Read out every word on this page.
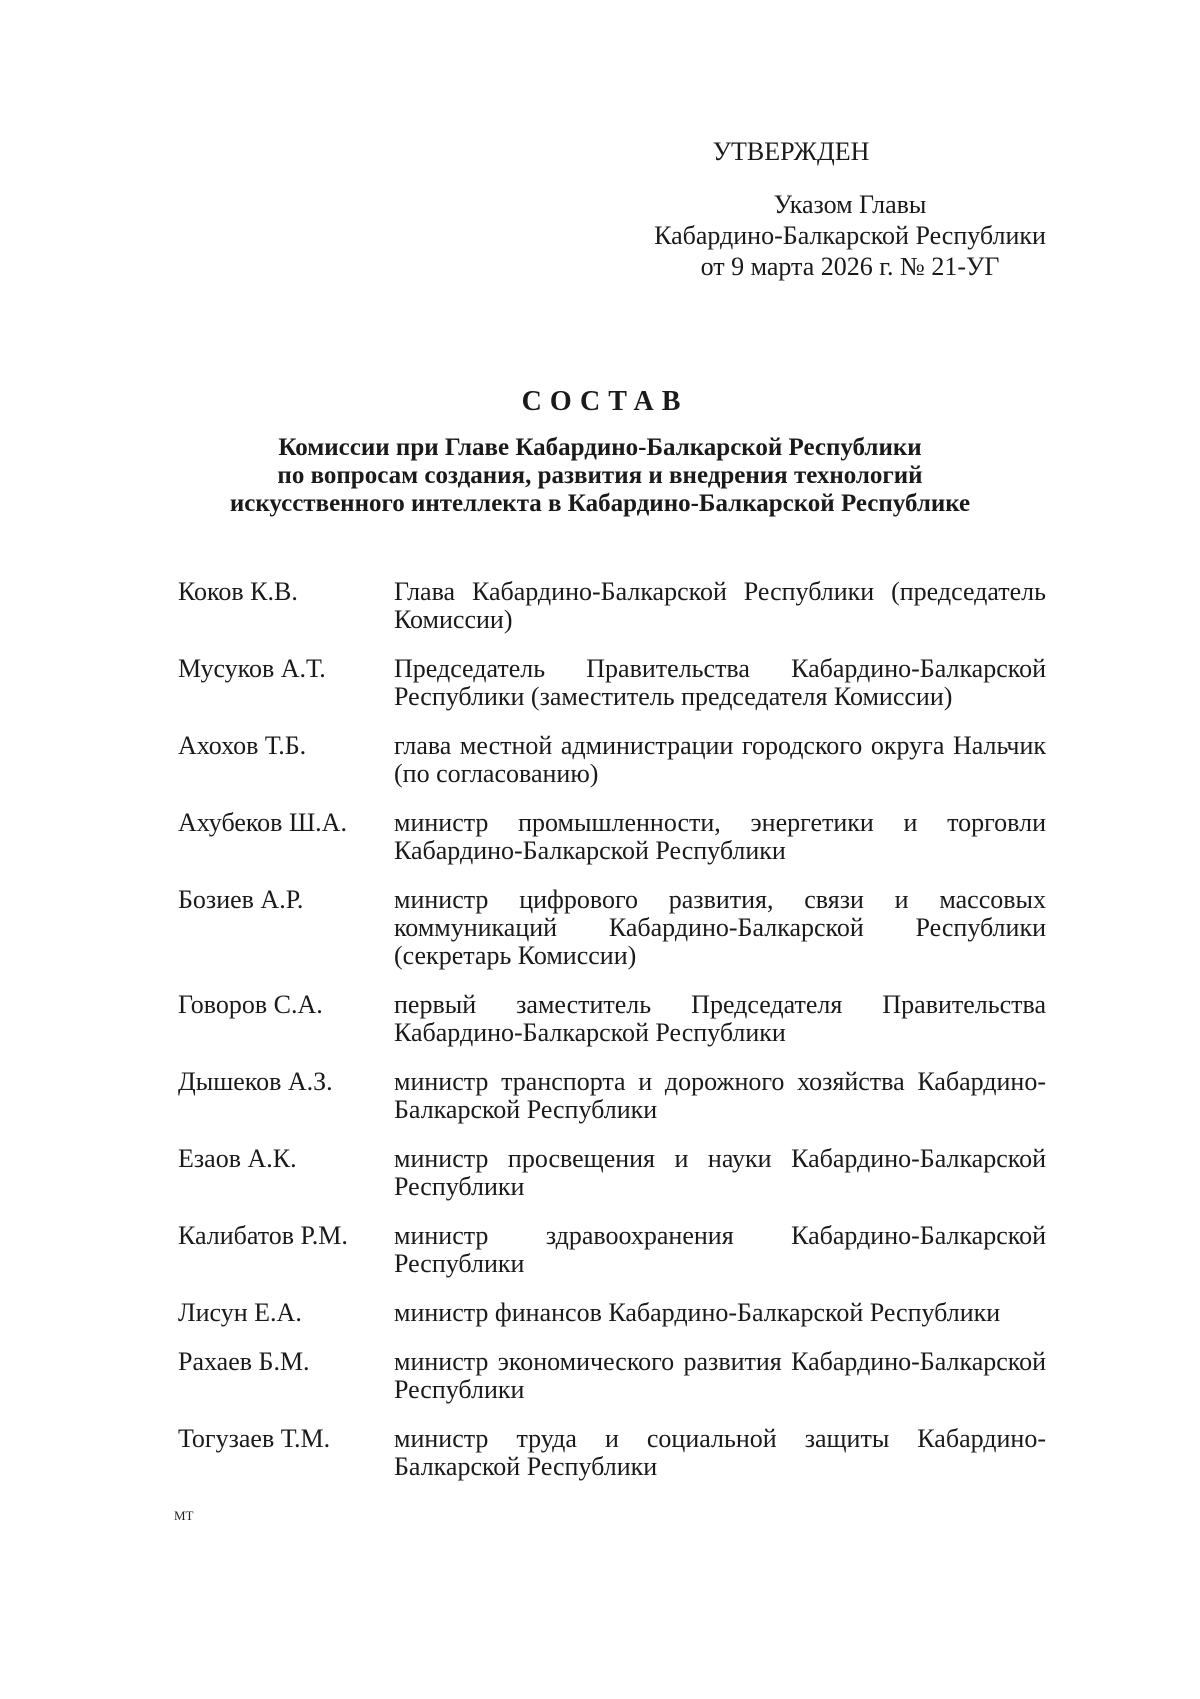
УТВЕРЖДЕН
Указом Главы
Кабардино-Балкарской Республики
от 9 марта 2026 г. № 21-УГ
СОСТАВ
Комиссии при Главе Кабардино-Балкарской Республики
по вопросам создания, развития и внедрения технологий
искусственного интеллекта в Кабардино-Балкарской Республике
Коков К.В.	Глава Кабардино-Балкарской Республики (председатель Комиссии)
Мусуков А.Т.	Председатель Правительства Кабардино-Балкарской Республики (заместитель председателя Комиссии)
Ахохов Т.Б.	глава местной администрации городского округа Нальчик (по согласованию)
Ахубеков Ш.А.	министр промышленности, энергетики и торговли Кабардино-Балкарской Республики
Бозиев А.Р.	министр цифрового развития, связи и массовых коммуникаций Кабардино-Балкарской Республики (секретарь Комиссии)
Говоров С.А.	первый заместитель Председателя Правительства Кабардино-Балкарской Республики
Дышеков А.З.	министр транспорта и дорожного хозяйства Кабардино-Балкарской Республики
Езаов А.К.	министр просвещения и науки Кабардино-Балкарской Республики
Калибатов Р.М.	министр здравоохранения Кабардино-Балкарской Республики
Лисун Е.А.	министр финансов Кабардино-Балкарской Республики
Рахаев Б.М.	министр экономического развития Кабардино-Балкарской Республики
Тогузаев Т.М.	министр труда и социальной защиты Кабардино-Балкарской Республики
МТ
